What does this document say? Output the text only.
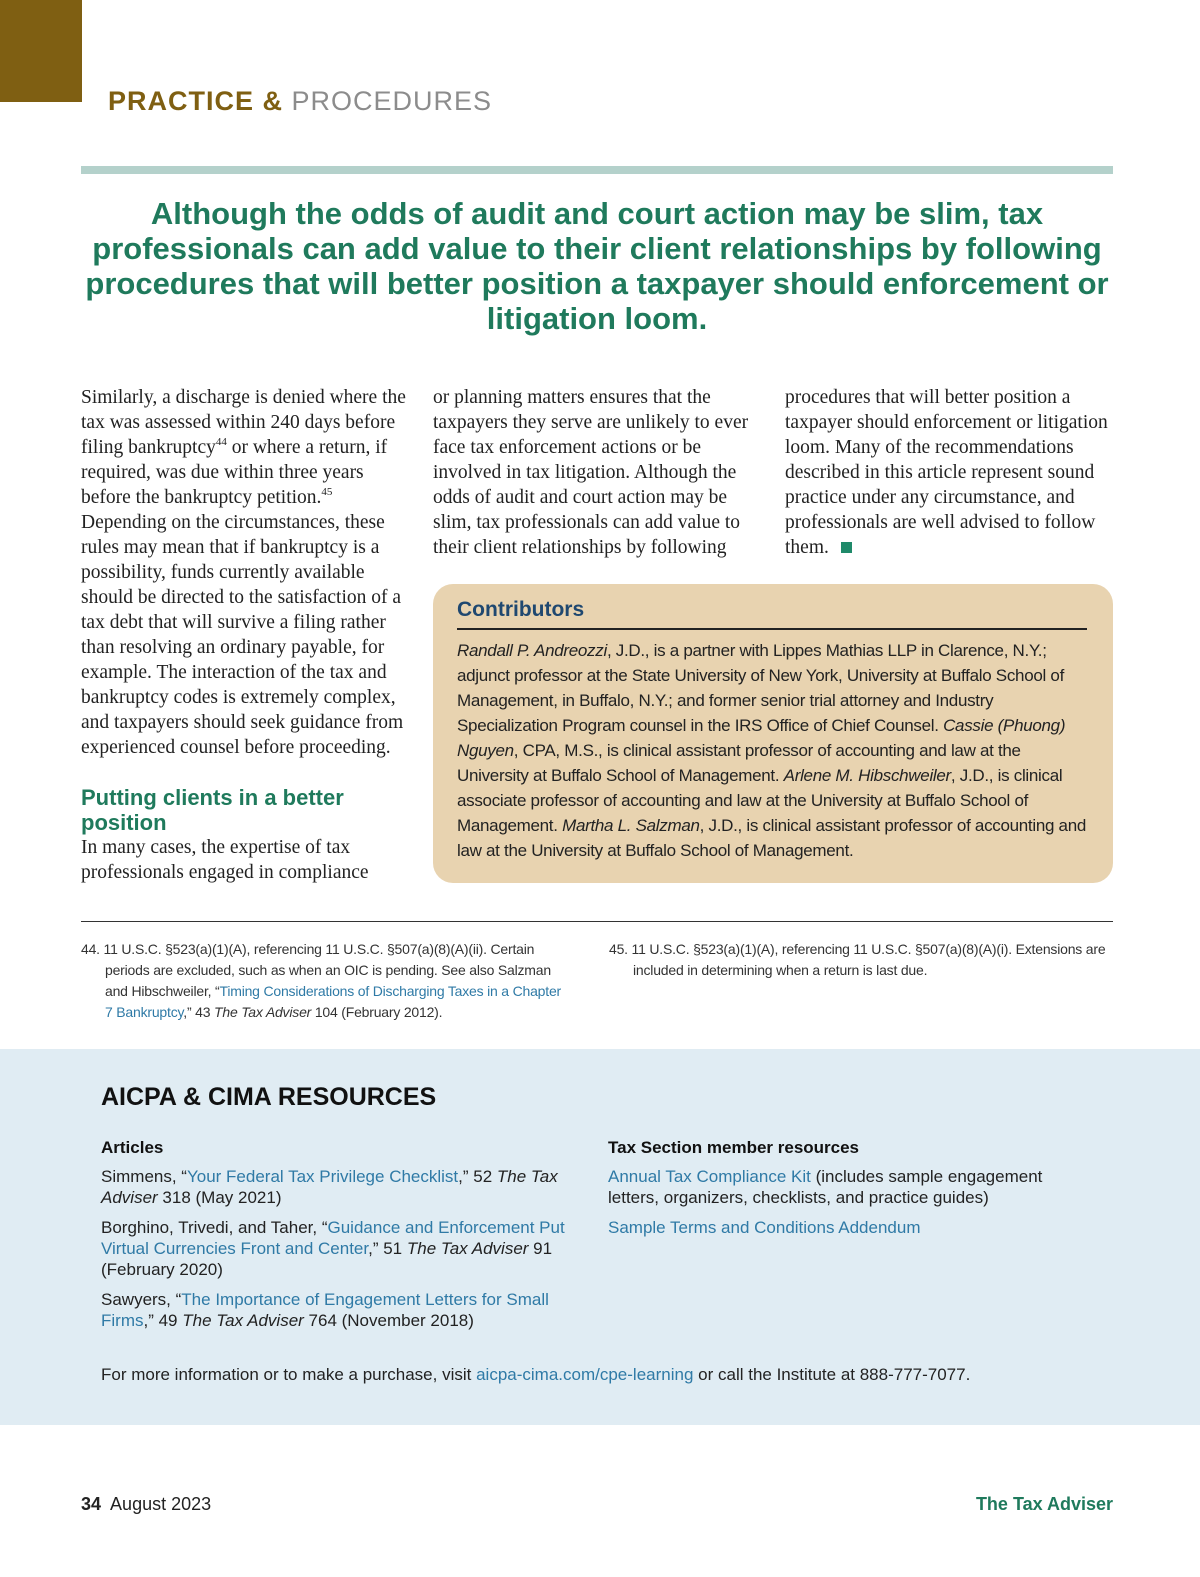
PRACTICE & PROCEDURES
Although the odds of audit and court action may be slim, tax professionals can add value to their client relationships by following procedures that will better position a taxpayer should enforcement or litigation loom.

Similarly, a discharge is denied where the tax was assessed within 240 days before filing bankruptcy$^{44}$ or where a return, if required, was due within three years before the bankruptcy petition.$^{45}$ Depending on the circumstances, these rules may mean that if bankruptcy is a possibility, funds currently available should be directed to the satisfaction of a tax debt that will survive a filing rather than resolving an ordinary payable, for example. The interaction of the tax and bankruptcy codes is extremely complex, and taxpayers should seek guidance from experienced counsel before proceeding.

Putting clients in a better position

In many cases, the expertise of tax professionals engaged in compliance

or planning matters ensures that the taxpayers they serve are unlikely to ever face tax enforcement actions or be involved in tax litigation. Although the odds of audit and court action may be slim, tax professionals can add value to their client relationships by following

procedures that will better position a taxpayer should enforcement or litigation loom. Many of the recommendations described in this article represent sound practice under any circumstance, and professionals are well advised to follow them.

Contributors
Randall P. Andreozzi, J.D., is a partner with Lippes Mathias LLP in Clarence, N.Y.; adjunct professor at the State University of New York, University at Buffalo School of Management, in Buffalo, N.Y.; and former senior trial attorney and Industry Specialization Program counsel in the IRS Office of Chief Counsel. Cassie (Phuong) Nguyen, CPA, M.S., is clinical assistant professor of accounting and law at the University at Buffalo School of Management. Arlene M. Hibschweiler, J.D., is clinical associate professor of accounting and law at the University at Buffalo School of Management. Martha L. Salzman, J.D., is clinical assistant professor of accounting and law at the University at Buffalo School of Management.
44. 11 U.S.C. §523(a)(1)(A), referencing 11 U.S.C. §507(a)(8)(A)(ii). Certain periods are excluded, such as when an OIC is pending. See also Salzman and Hibschweiler, “Timing Considerations of Discharging Taxes in a Chapter 7 Bankruptcy,” 43 The Tax Adviser 104 (February 2012).
45. 11 U.S.C. §523(a)(1)(A), referencing 11 U.S.C. §507(a)(8)(A)(i). Extensions are included in determining when a return is last due.
AICPA & CIMA RESOURCES
Articles

Simmens, “Your Federal Tax Privilege Checklist,” 52 The Tax Adviser 318 (May 2021)

Borghino, Trivedi, and Taher, “Guidance and Enforcement Put Virtual Currencies Front and Center,” 51 The Tax Adviser 91 (February 2020)

Sawyers, “The Importance of Engagement Letters for Small Firms,” 49 The Tax Adviser 764 (November 2018)

Tax Section member resources

Annual Tax Compliance Kit (includes sample engagement letters, organizers, checklists, and practice guides)

Sample Terms and Conditions Addendum

For more information or to make a purchase, visit aicpa-cima.com/cpe-learning or call the Institute at 888-777-7077.
34 August 2023	The Tax Adviser
